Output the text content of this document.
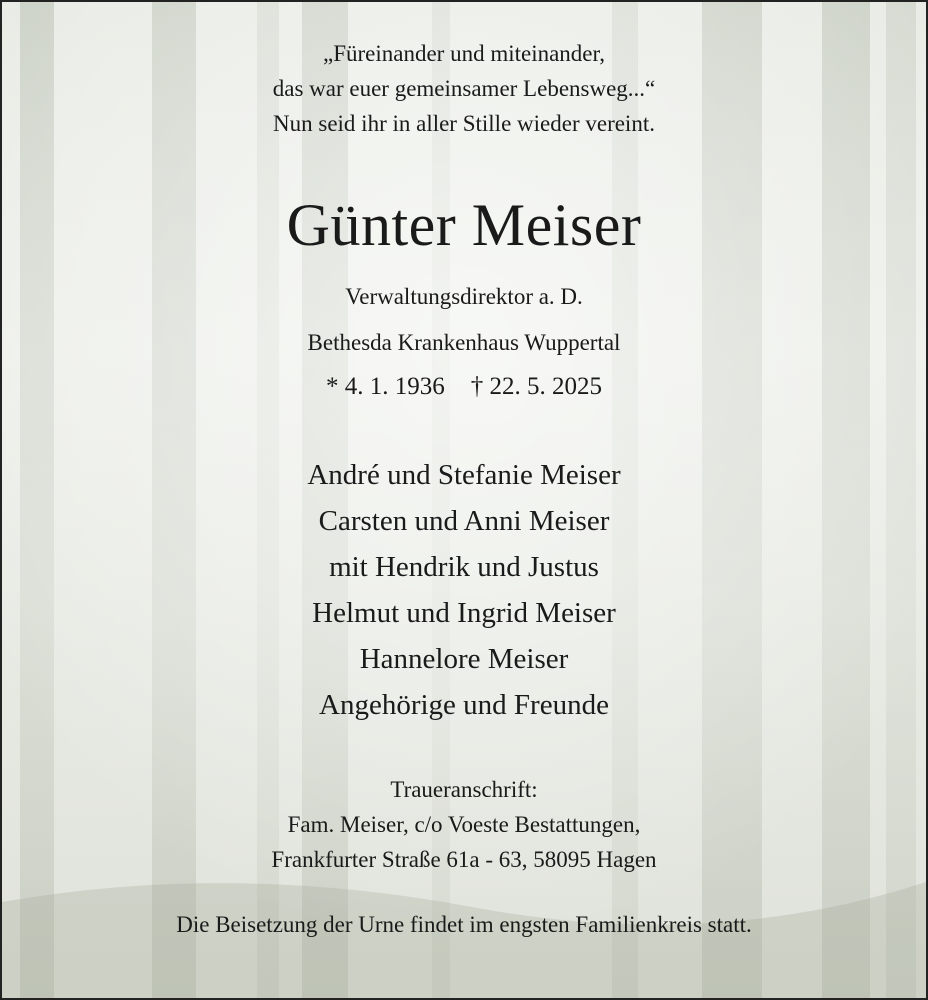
„Füreinander und miteinander,
das war euer gemeinsamer Lebensweg...“
Nun seid ihr in aller Stille wieder vereint.
Günter Meiser
Verwaltungsdirektor a. D.
Bethesda Krankenhaus Wuppertal
* 4. 1. 1936 † 22. 5. 2025
André und Stefanie Meiser
Carsten und Anni Meiser
mit Hendrik und Justus
Helmut und Ingrid Meiser
Hannelore Meiser
Angehörige und Freunde
Traueranschrift:
Fam. Meiser, c/o Voeste Bestattungen,
Frankfurter Straße 61a - 63, 58095 Hagen
Die Beisetzung der Urne findet im engsten Familienkreis statt.
